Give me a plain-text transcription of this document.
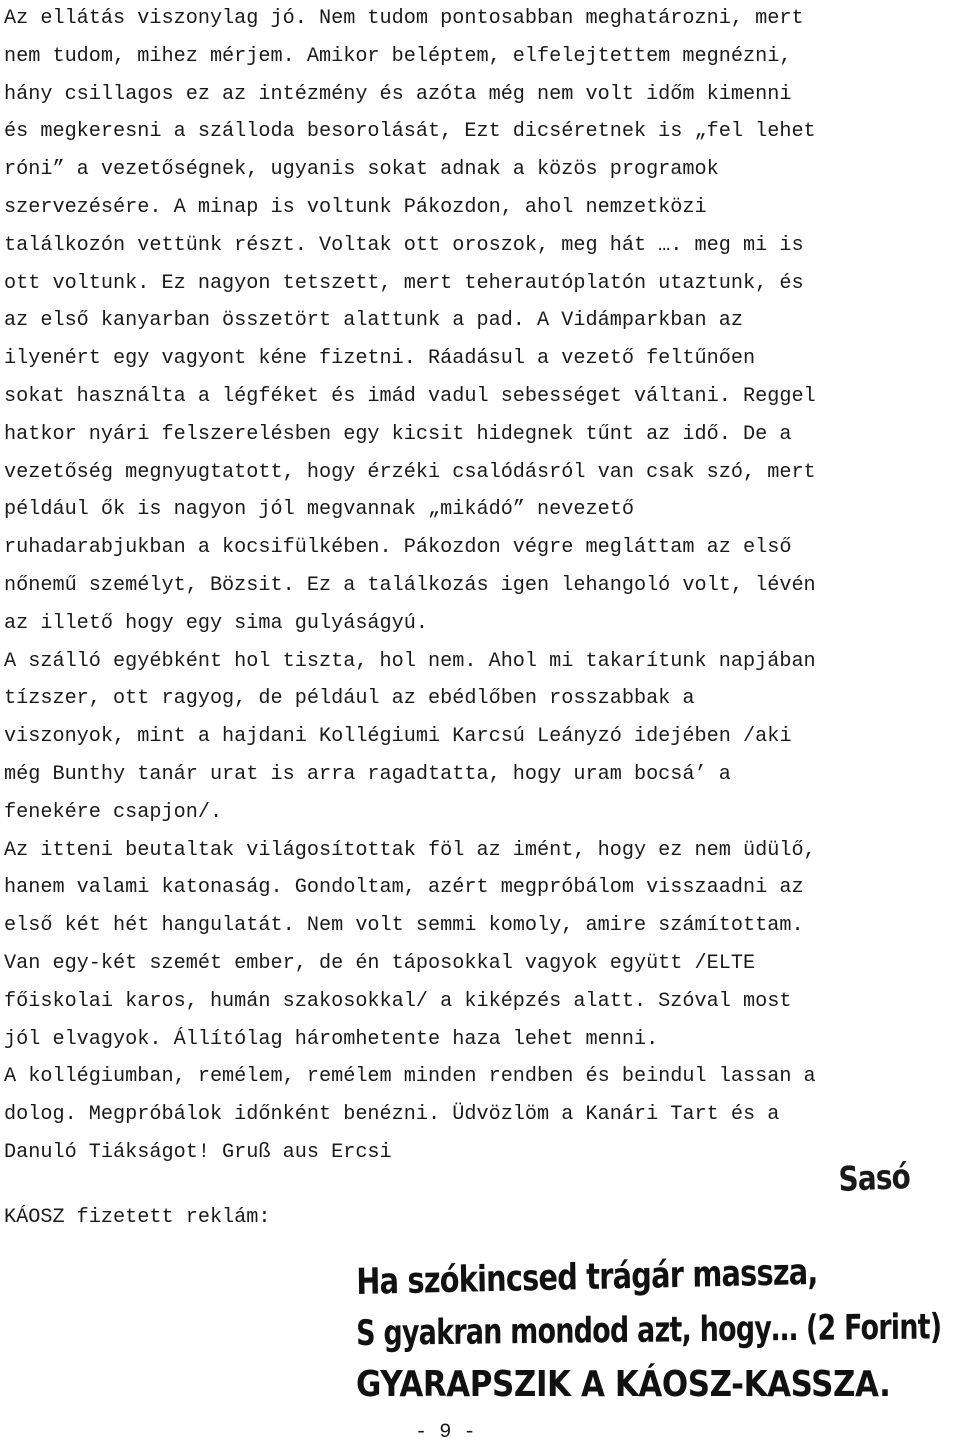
Az ellátás viszonylag jó. Nem tudom pontosabban meghatározni, mert
nem tudom, mihez mérjem. Amikor beléptem, elfelejtettem megnézni,
hány csillagos ez az intézmény és azóta még nem volt időm kimenni
és megkeresni a szálloda besorolását, Ezt dicséretnek is „fel lehet
róni” a vezetőségnek, ugyanis sokat adnak a közös programok
szervezésére. A minap is voltunk Pákozdon, ahol nemzetközi
találkozón vettünk részt. Voltak ott oroszok, meg hát …. meg mi is
ott voltunk. Ez nagyon tetszett, mert teherautóplatón utaztunk, és
az első kanyarban összetört alattunk a pad. A Vidámparkban az
ilyenért egy vagyont kéne fizetni. Ráadásul a vezető feltűnően
sokat használta a légféket és imád vadul sebességet váltani. Reggel
hatkor nyári felszerelésben egy kicsit hidegnek tűnt az idő. De a
vezetőség megnyugtatott, hogy érzéki csalódásról van csak szó, mert
például ők is nagyon jól megvannak „mikádó” nevezető
ruhadarabjukban a kocsifülkében. Pákozdon végre megláttam az első
nőnemű személyt, Bözsit. Ez a találkozás igen lehangoló volt, lévén
az illető hogy egy sima gulyáságyú.
A szálló egyébként hol tiszta, hol nem. Ahol mi takarítunk napjában
tízszer, ott ragyog, de például az ebédlőben rosszabbak a
viszonyok, mint a hajdani Kollégiumi Karcsú Leányzó idejében /aki
még Bunthy tanár urat is arra ragadtatta, hogy uram bocsá’ a
fenekére csapjon/.
Az itteni beutaltak világosítottak föl az imént, hogy ez nem üdülő,
hanem valami katonaság. Gondoltam, azért megpróbálom visszaadni az
első két hét hangulatát. Nem volt semmi komoly, amire számítottam.
Van egy-két szemét ember, de én táposokkal vagyok együtt /ELTE
főiskolai karos, humán szakosokkal/ a kiképzés alatt. Szóval most
jól elvagyok. Állítólag háromhetente haza lehet menni.
A kollégiumban, remélem, remélem minden rendben és beindul lassan a
dolog. Megpróbálok időnként benézni. Üdvözlöm a Kanári Tart és a
Danuló Tiákságot! Gruß aus Ercsi
Sasó
KÁOSZ fizetett reklám:
Ha szókincsed trágár massza,
S gyakran mondod azt, hogy… (2 Forint)
GYARAPSZIK A KÁOSZ-KASSZA.
- 9 -
